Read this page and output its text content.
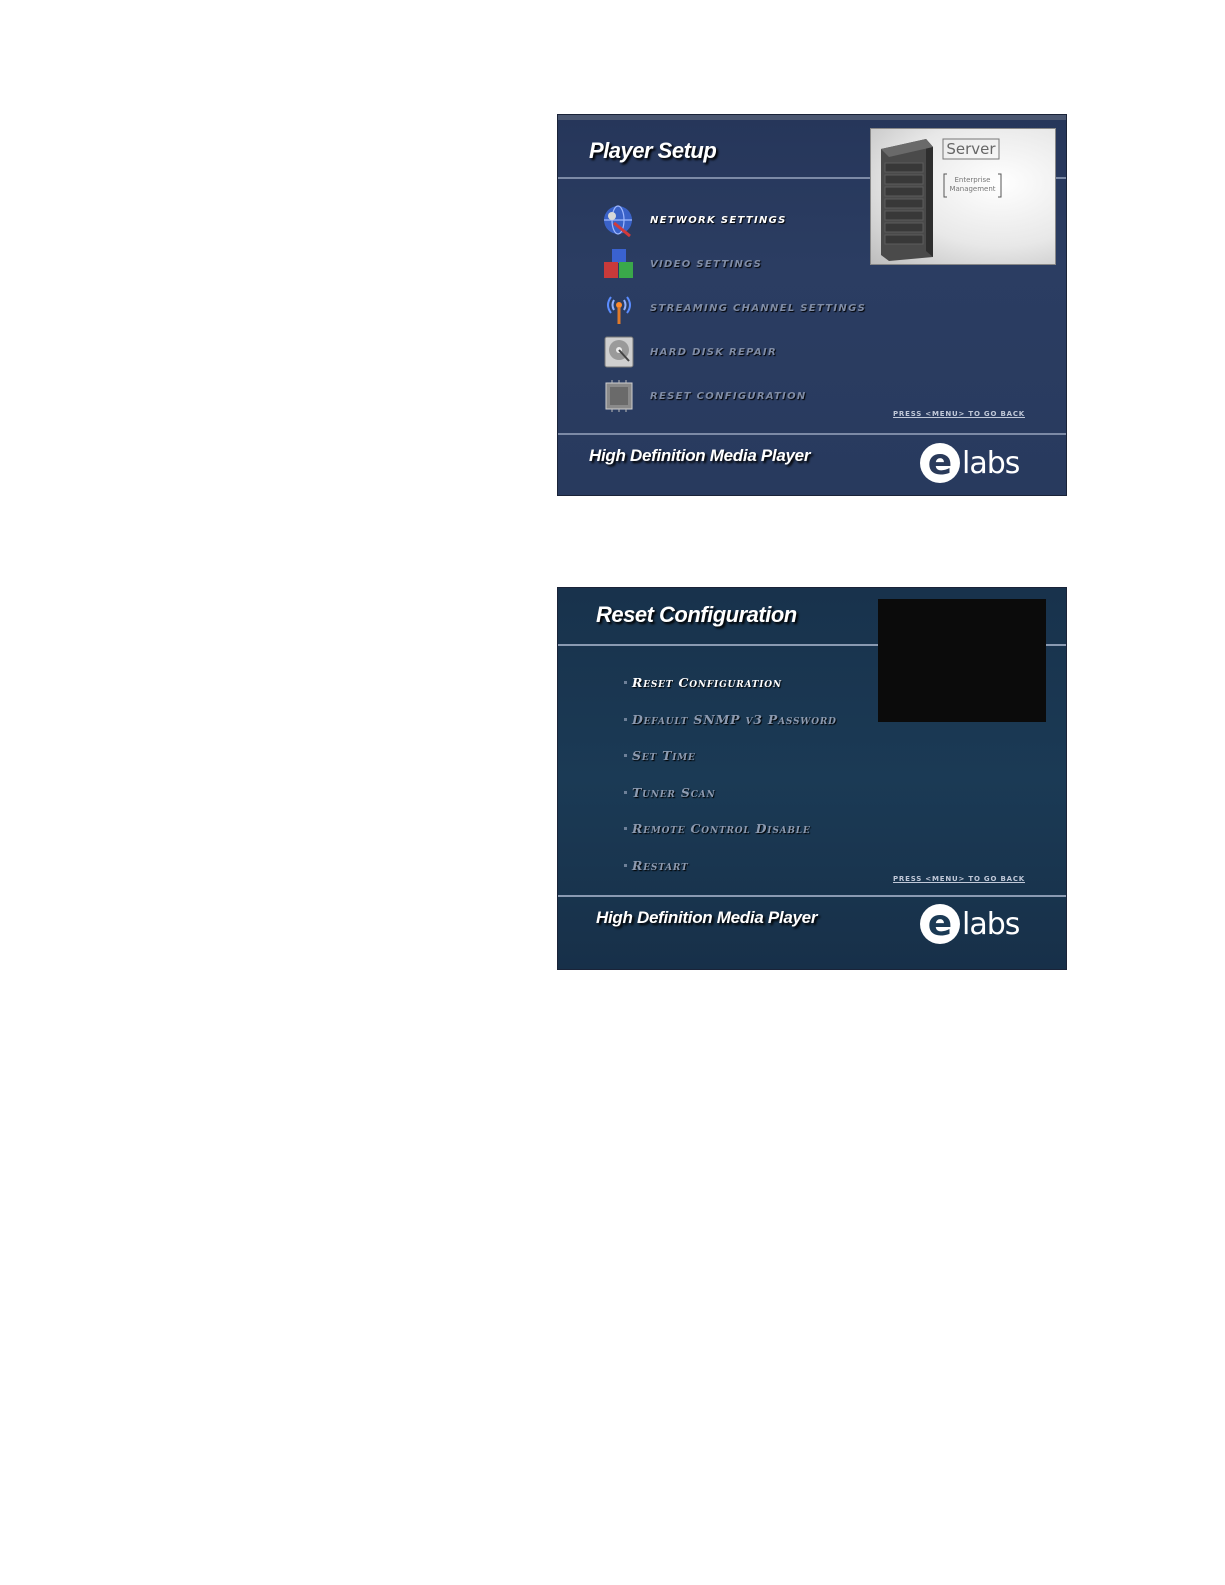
Player Setup	Server
Enterprise Management
NETWORK SETTINGS
VIDEO SETTINGS
STREAMING CHANNEL SETTINGS
HARD DISK REPAIR
RESET CONFIGURATION
PRESS <MENU> TO GO BACK
High Definition Media Player	e labs
Reset Configuration
Reset Configuration
Default SNMP v3 Password
Set Time
Tuner Scan
Remote Control Disable
Restart
PRESS <MENU> TO GO BACK
High Definition Media Player	e labs
